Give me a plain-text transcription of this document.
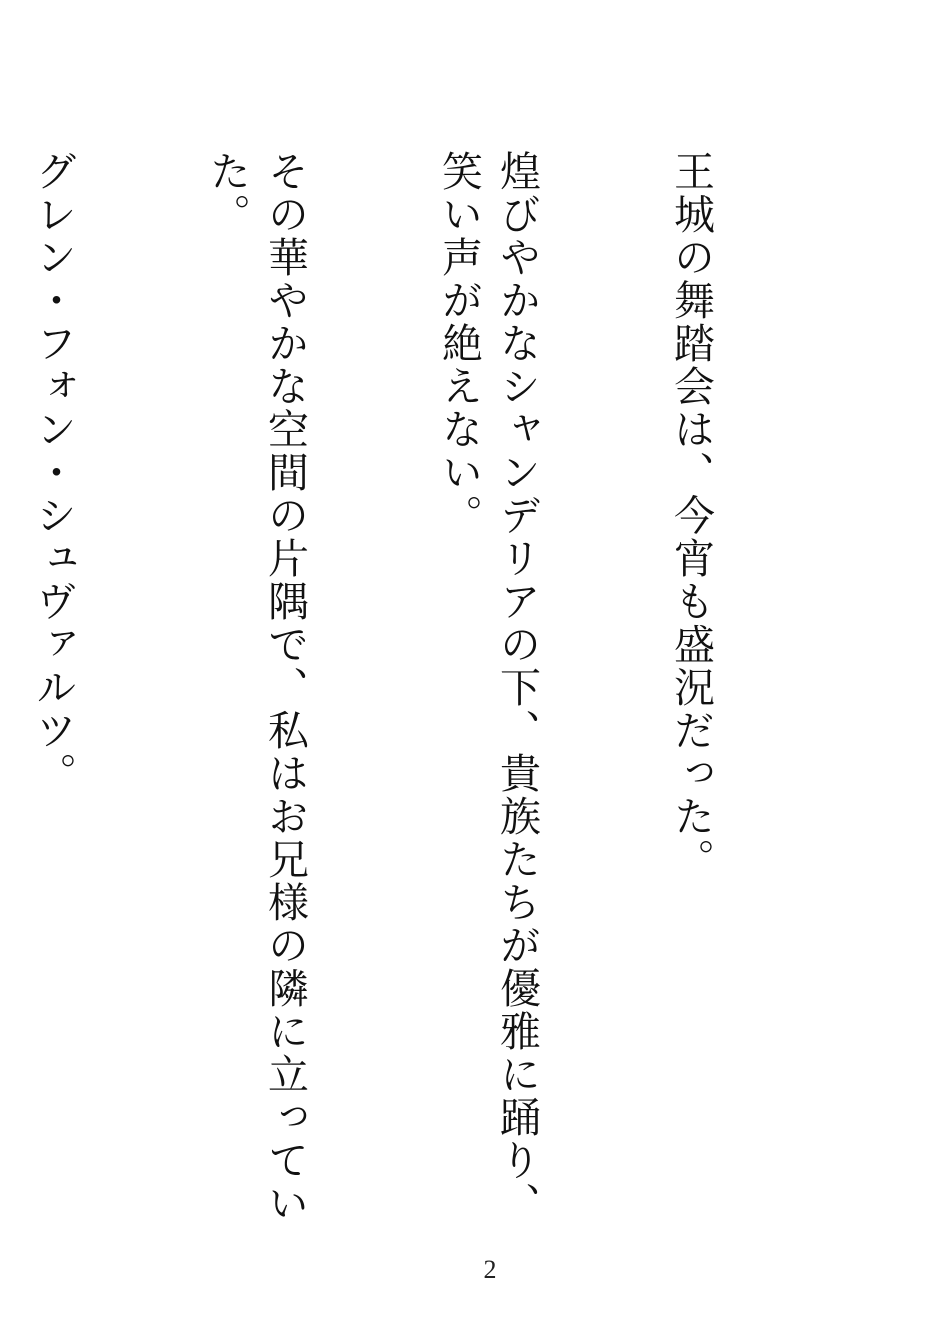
王城の舞踏会は、今宵も盛況だった。

煌びやかなシャンデリアの下、貴族たちが優雅に踊り、笑い声が絶えない。

その華やかな空間の片隅で、私はお兄様の隣に立っていた。

グレン・フォン・シュヴァルツ。

2
